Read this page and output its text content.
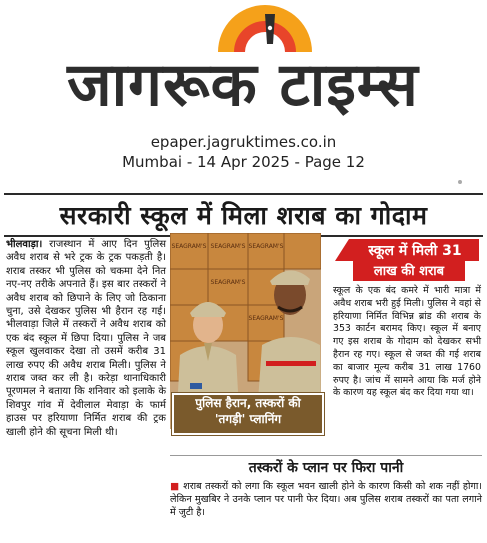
जागरूक टाइम्स
epaper.jagruktimes.co.in
Mumbai - 14 Apr 2025 - Page 12
सरकारी स्कूल में मिला शराब का गोदाम

भीलवाड़ा। राजस्थान में आए दिन पुलिस अवैध शराब से भरे ट्रक के ट्रक पकड़ती है। शराब तस्कर भी पुलिस को चकमा देने नित नए-नए तरीके अपनाते हैं। इस बार तस्करों ने अवैध शराब को छिपाने के लिए जो ठिकाना चुना, उसे देखकर पुलिस भी हैरान रह गई। भीलवाड़ा जिले में तस्करों ने अवैध शराब को एक बंद स्कूल में छिपा दिया। पुलिस ने जब स्कूल खुलवाकर देखा तो उसमें करीब 31 लाख रुपए की अवैध शराब मिली। पुलिस ने शराब जब्त कर ली है। करेड़ा थानाधिकारी पूरणमल ने बताया कि शनिवार को इलाके के शिवपुर गांव में देवीलाल मेवाड़ा के फार्म हाउस पर हरियाणा निर्मित शराब की ट्रक खाली होने की सूचना मिली थी।

SEAGRAM'S SEAGRAM'S SEAGRAM'S
SEAGRAM'S
SEAGRAM'S
पुलिस हैरान, तस्करों की
'तगड़ी' प्लानिंग
स्कूल में मिली 31
लाख की शराब

स्कूल के एक बंद कमरे में भारी मात्रा में अवैध शराब भरी हुई मिली। पुलिस ने वहां से हरियाणा निर्मित विभिन्न ब्रांड की शराब के 353 कार्टन बरामद किए। स्कूल में बनाए गए इस शराब के गोदाम को देखकर सभी हैरान रह गए। स्कूल से जब्त की गई शराब का बाजार मूल्य करीब 31 लाख 1760 रुपए है। जांच में सामने आया कि मर्ज होने के कारण यह स्कूल बंद कर दिया गया था।

तस्करों के प्लान पर फिरा पानी

■ शराब तस्करों को लगा कि स्कूल भवन खाली होने के कारण किसी को शक नहीं होगा। लेकिन मुखबिर ने उनके प्लान पर पानी फेर दिया। अब पुलिस शराब तस्करों का पता लगाने में जुटी है।
